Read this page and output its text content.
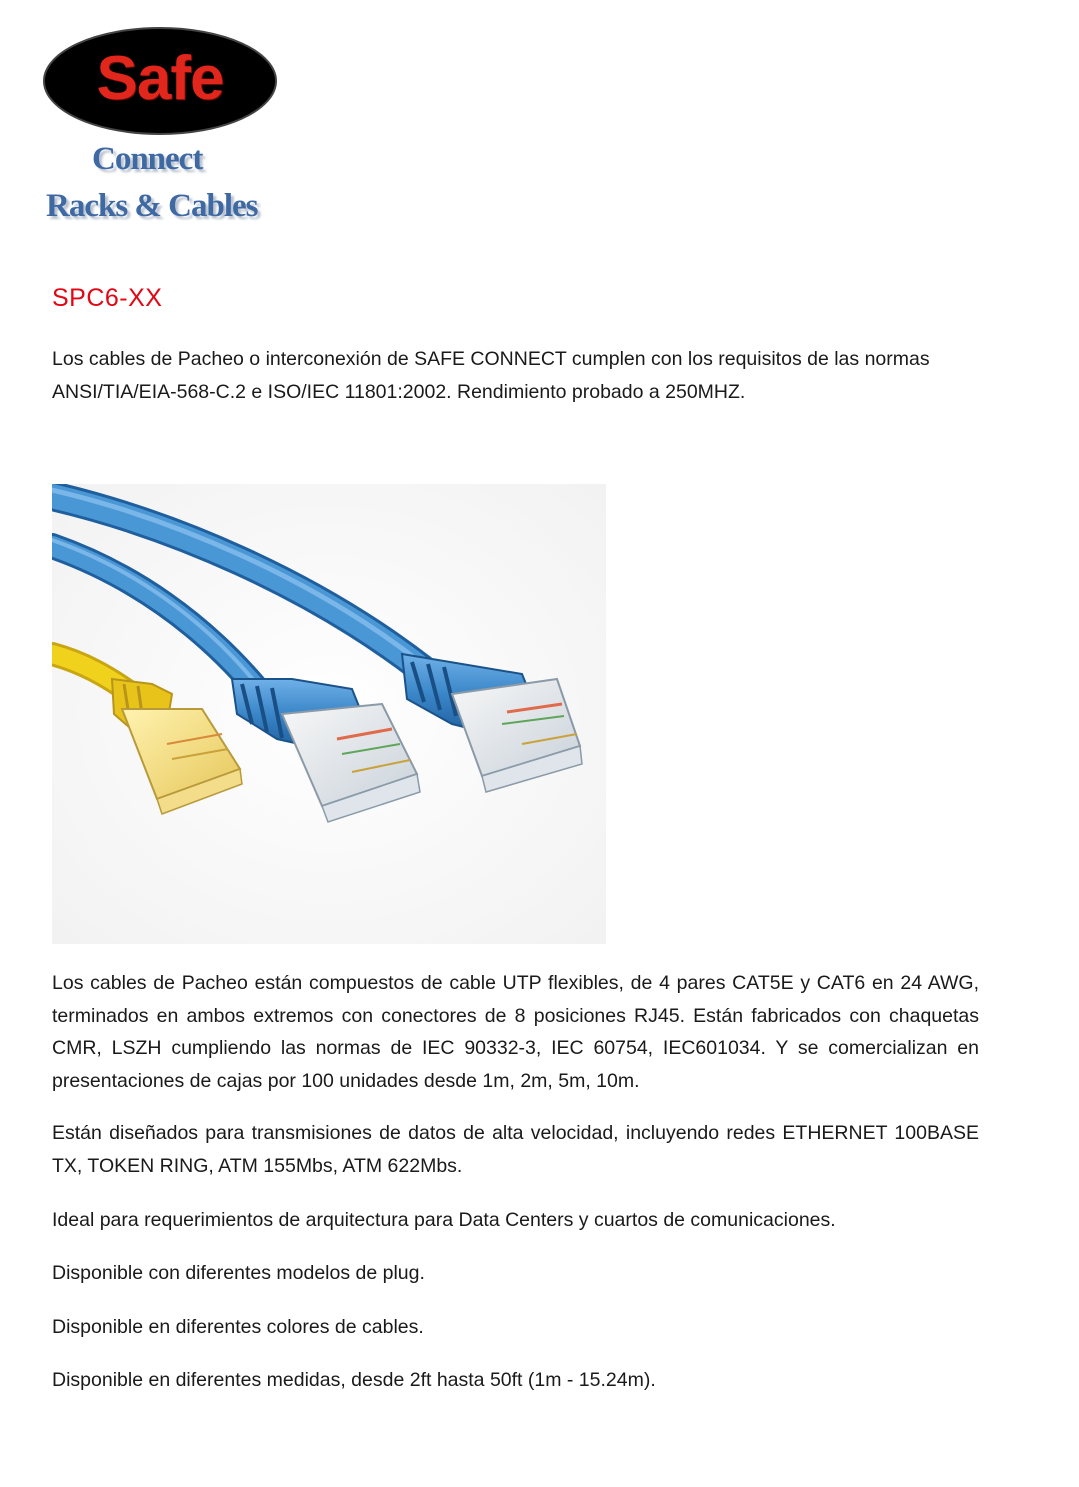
Safe
Connect
Racks & Cables
SPC6-XX
Los cables de Pacheo o interconexión de SAFE CONNECT cumplen con los requisitos de las normas
ANSI/TIA/EIA-568-C.2 e ISO/IEC 11801:2002. Rendimiento probado a 250MHZ.
Los cables de Pacheo están compuestos de cable UTP flexibles, de 4 pares CAT5E y CAT6 en 24 AWG, terminados en ambos extremos con conectores de 8 posiciones RJ45. Están fabricados con chaquetas CMR, LSZH cumpliendo las normas de IEC 90332-3, IEC 60754, IEC601034. Y se comercializan en presentaciones de cajas por 100 unidades desde 1m, 2m, 5m, 10m.
Están diseñados para transmisiones de datos de alta velocidad, incluyendo redes ETHERNET 100BASE TX, TOKEN RING, ATM 155Mbs, ATM 622Mbs.
Ideal para requerimientos de arquitectura para Data Centers y cuartos de comunicaciones.
Disponible con diferentes modelos de plug.
Disponible en diferentes colores de cables.
Disponible en diferentes medidas, desde 2ft hasta 50ft (1m - 15.24m).
